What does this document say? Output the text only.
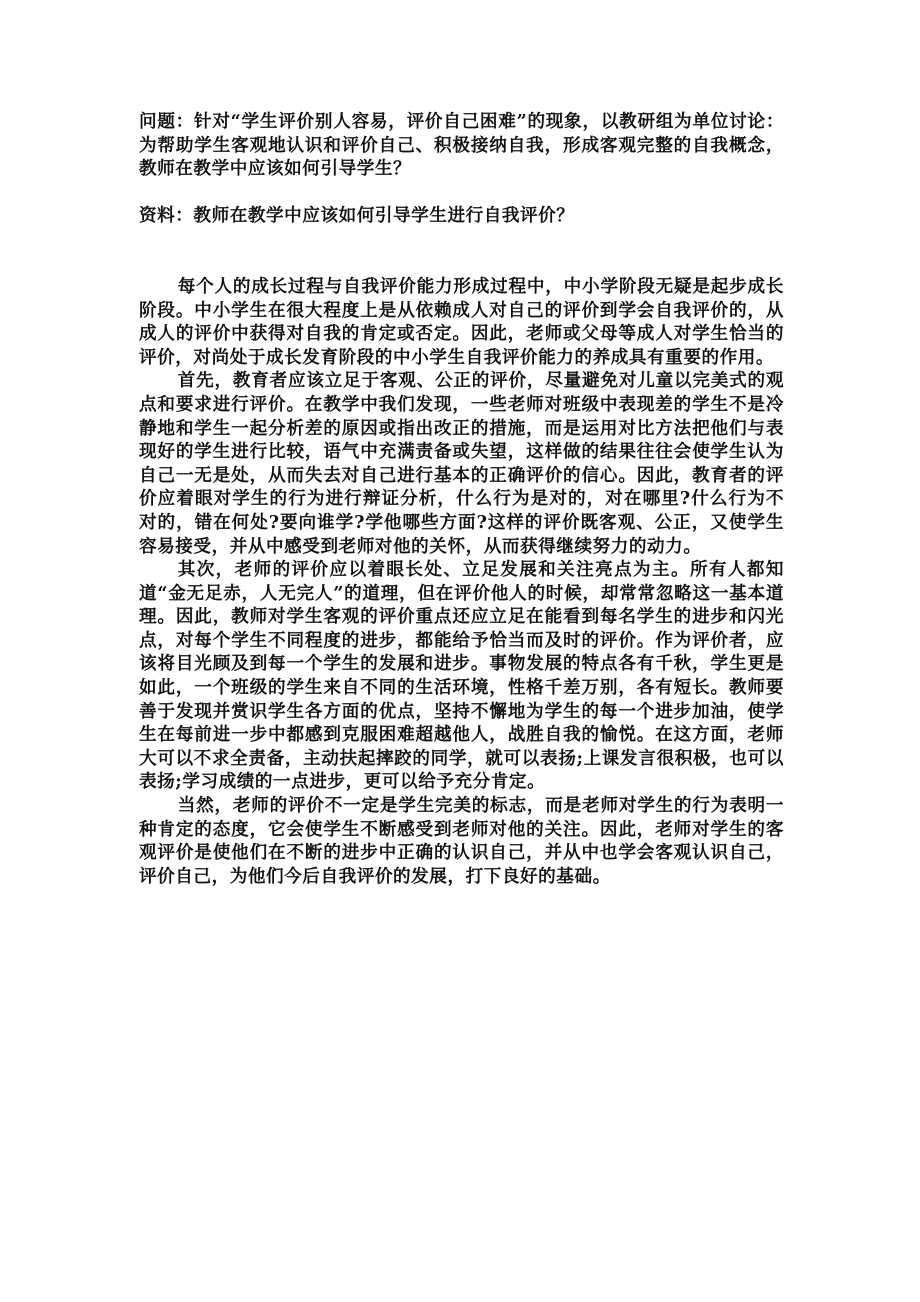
问题：针对“学生评价别人容易，评价自己困难”的现象，以教研组为单位讨论：为帮助学生客观地认识和评价自己、积极接纳自我，形成客观完整的自我概念，教师在教学中应该如何引导学生？

资料：教师在教学中应该如何引导学生进行自我评价？

每个人的成长过程与自我评价能力形成过程中，中小学阶段无疑是起步成长阶段。中小学生在很大程度上是从依赖成人对自己的评价到学会自我评价的，从成人的评价中获得对自我的肯定或否定。因此，老师或父母等成人对学生恰当的评价，对尚处于成长发育阶段的中小学生自我评价能力的养成具有重要的作用。

首先，教育者应该立足于客观、公正的评价，尽量避免对儿童以完美式的观点和要求进行评价。在教学中我们发现，一些老师对班级中表现差的学生不是冷静地和学生一起分析差的原因或指出改正的措施，而是运用对比方法把他们与表现好的学生进行比较，语气中充满责备或失望，这样做的结果往往会使学生认为自己一无是处，从而失去对自己进行基本的正确评价的信心。因此，教育者的评价应着眼对学生的行为进行辩证分析，什么行为是对的，对在哪里?什么行为不对的，错在何处?要向谁学?学他哪些方面?这样的评价既客观、公正，又使学生容易接受，并从中感受到老师对他的关怀，从而获得继续努力的动力。

其次，老师的评价应以着眼长处、立足发展和关注亮点为主。所有人都知道“金无足赤，人无完人”的道理，但在评价他人的时候，却常常忽略这一基本道理。因此，教师对学生客观的评价重点还应立足在能看到每名学生的进步和闪光点，对每个学生不同程度的进步，都能给予恰当而及时的评价。作为评价者，应该将目光顾及到每一个学生的发展和进步。事物发展的特点各有千秋，学生更是如此，一个班级的学生来自不同的生活环境，性格千差万别，各有短长。教师要善于发现并赏识学生各方面的优点，坚持不懈地为学生的每一个进步加油，使学生在每前进一步中都感到克服困难超越他人，战胜自我的愉悦。在这方面，老师大可以不求全责备，主动扶起摔跤的同学，就可以表扬;上课发言很积极，也可以表扬;学习成绩的一点进步，更可以给予充分肯定。

当然，老师的评价不一定是学生完美的标志，而是老师对学生的行为表明一种肯定的态度，它会使学生不断感受到老师对他的关注。因此，老师对学生的客观评价是使他们在不断的进步中正确的认识自己，并从中也学会客观认识自己，评价自己，为他们今后自我评价的发展，打下良好的基础。
